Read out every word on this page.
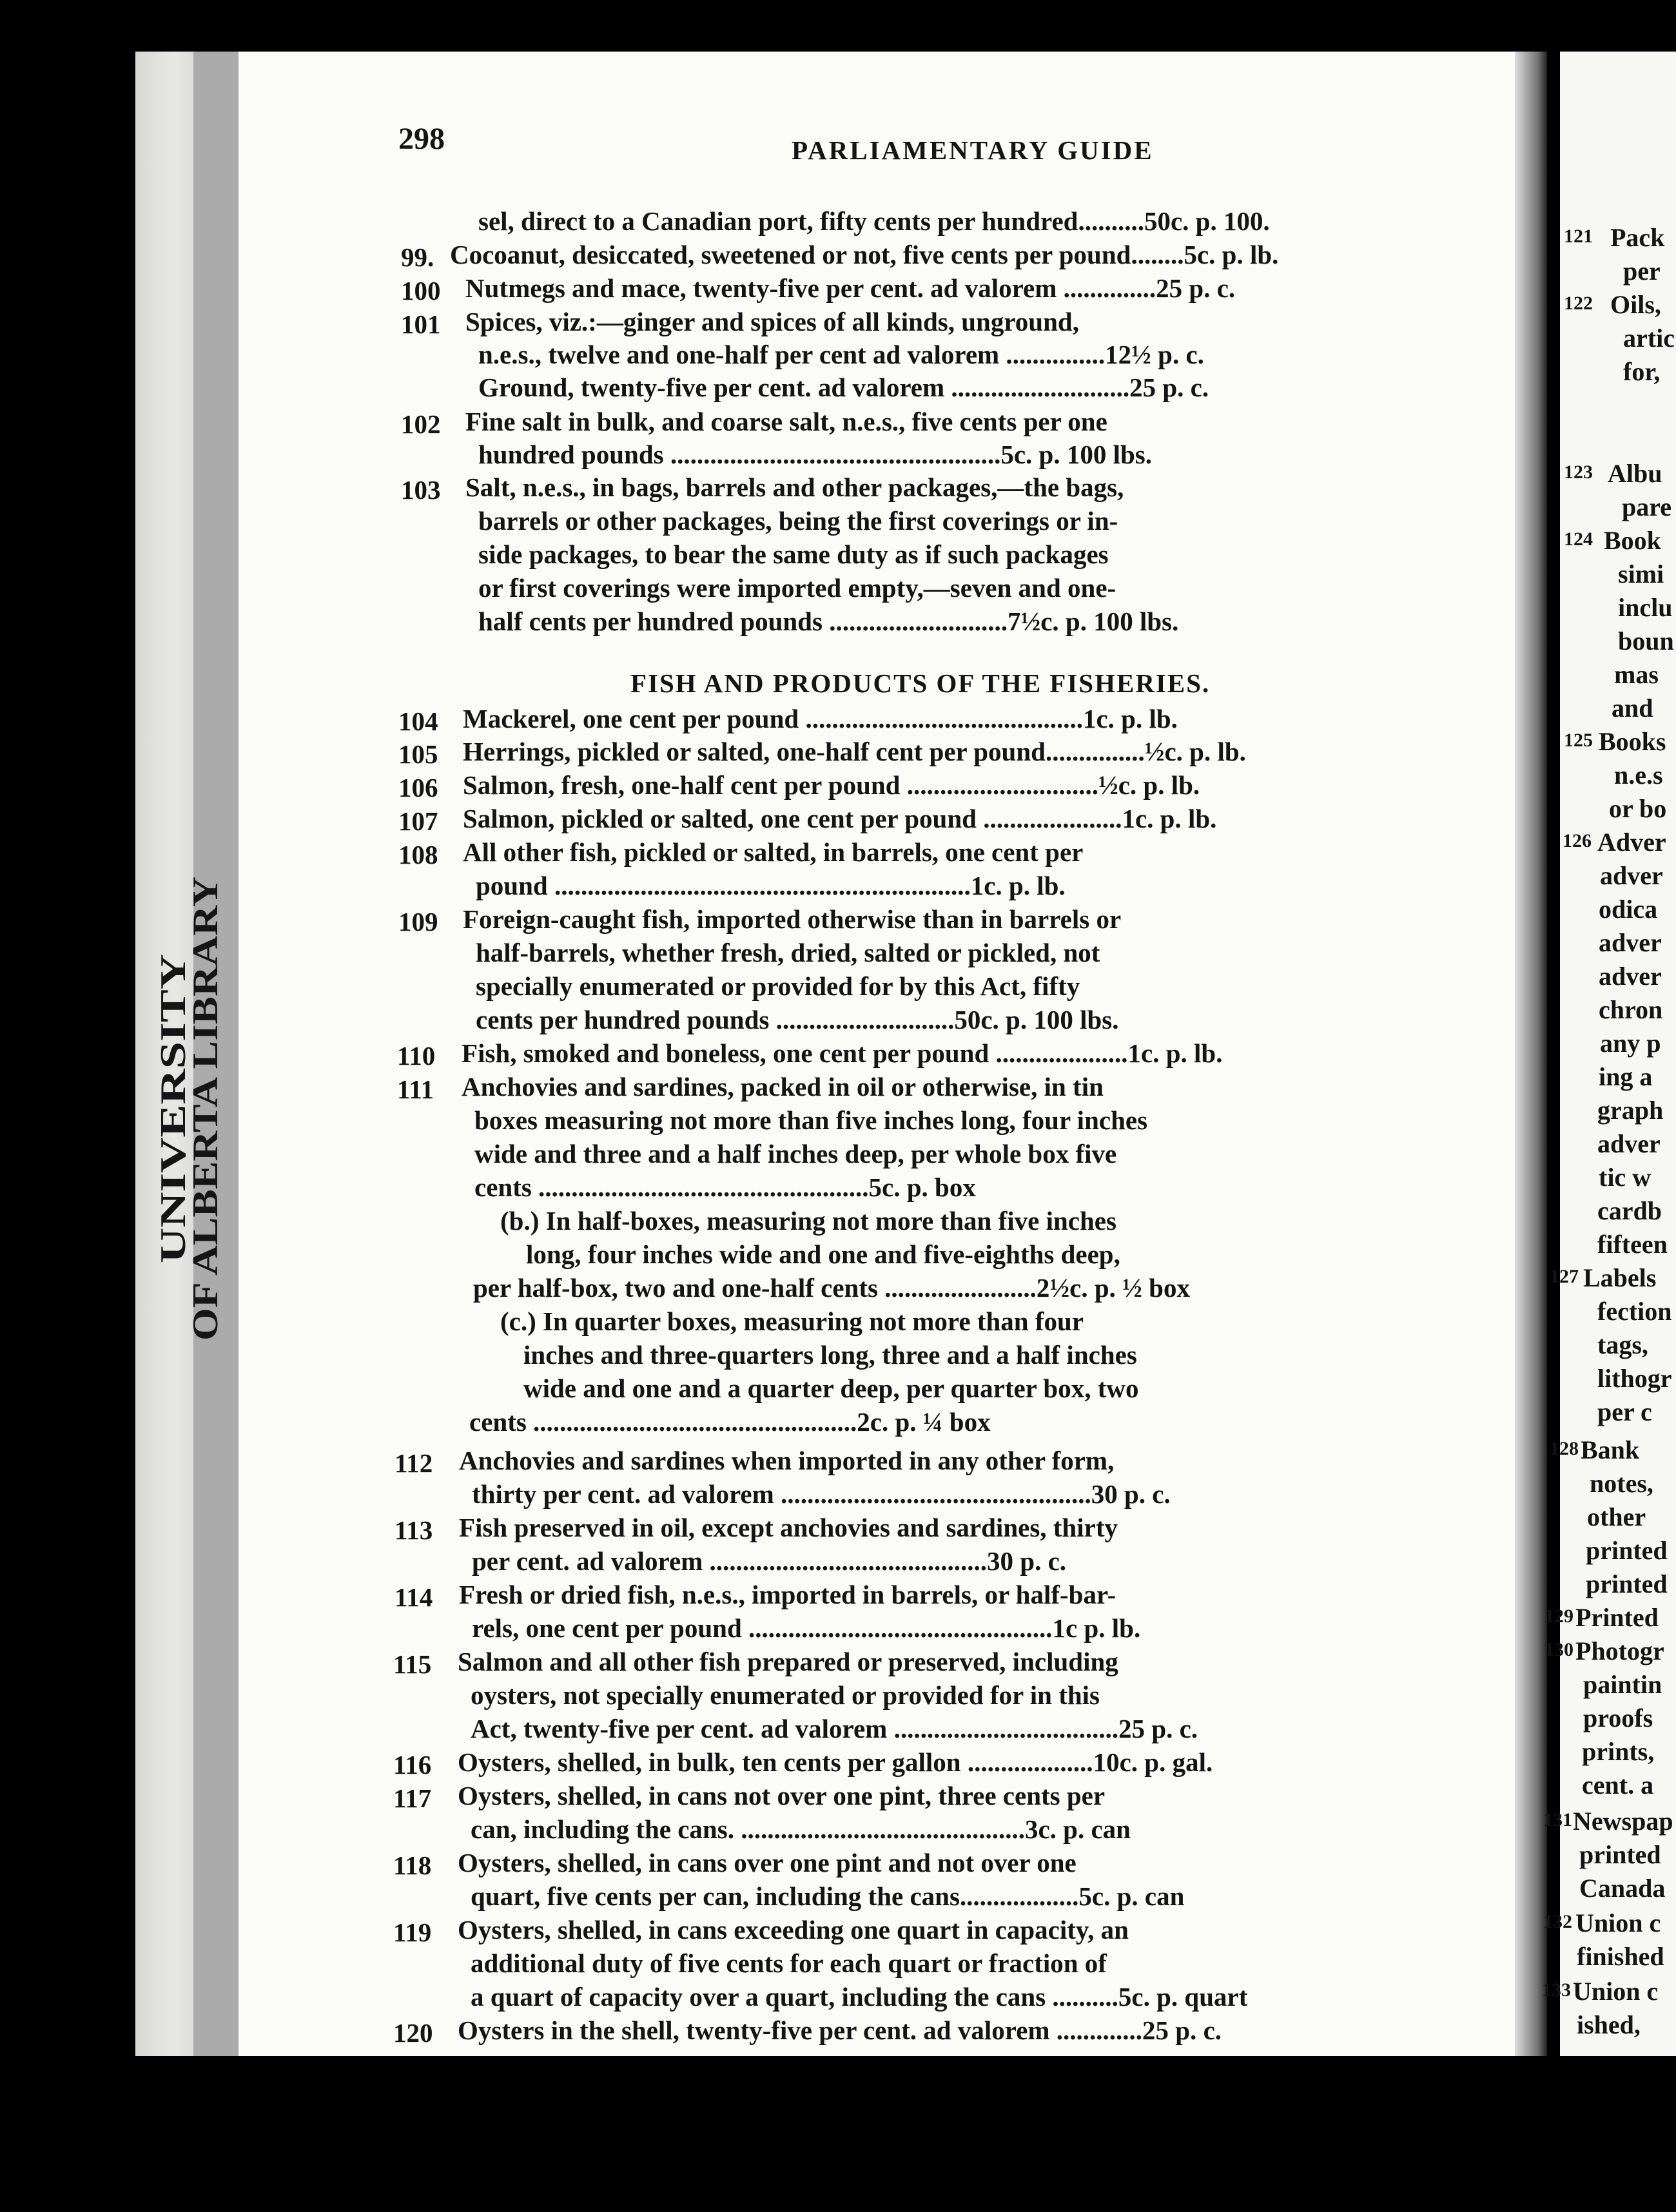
UNIVERSITY
OF ALBERTA LIBRARY
298	PARLIAMENTARY GUIDE
sel, direct to a Canadian port, fifty cents per hundred..........50c. p. 100.
Cocoanut, desiccated, sweetened or not, five cents per pound........5c. p. lb.
Nutmegs and mace, twenty-five per cent. ad valorem ..............25 p. c.
Spices, viz.:—ginger and spices of all kinds, unground,
n.e.s., twelve and one-half per cent ad valorem ...............12½ p. c.
Ground, twenty-five per cent. ad valorem ...........................25 p. c.
Fine salt in bulk, and coarse salt, n.e.s., five cents per one
hundred pounds ..................................................5c. p. 100 lbs.
Salt, n.e.s., in bags, barrels and other packages,—the bags,
barrels or other packages, being the first coverings or in-
side packages, to bear the same duty as if such packages
or first coverings were imported empty,—seven and one-
half cents per hundred pounds ...........................7½c. p. 100 lbs.
FISH AND PRODUCTS OF THE FISHERIES.
Mackerel, one cent per pound ..........................................1c. p. lb.
Herrings, pickled or salted, one-half cent per pound...............½c. p. lb.
Salmon, fresh, one-half cent per pound .............................½c. p. lb.
Salmon, pickled or salted, one cent per pound .....................1c. p. lb.
All other fish, pickled or salted, in barrels, one cent per
pound ...............................................................1c. p. lb.
Foreign-caught fish, imported otherwise than in barrels or
half-barrels, whether fresh, dried, salted or pickled, not
specially enumerated or provided for by this Act, fifty
cents per hundred pounds ...........................50c. p. 100 lbs.
Fish, smoked and boneless, one cent per pound ....................1c. p. lb.
Anchovies and sardines, packed in oil or otherwise, in tin
boxes measuring not more than five inches long, four inches
wide and three and a half inches deep, per whole box five
cents ..................................................5c. p. box
(b.) In half-boxes, measuring not more than five inches
long, four inches wide and one and five-eighths deep,
per half-box, two and one-half cents .......................2½c. p. ½ box
(c.) In quarter boxes, measuring not more than four
inches and three-quarters long, three and a half inches
wide and one and a quarter deep, per quarter box, two
cents .................................................2c. p. ¼ box
Anchovies and sardines when imported in any other form,
thirty per cent. ad valorem ...............................................30 p. c.
Fish preserved in oil, except anchovies and sardines, thirty
per cent. ad valorem ..........................................30 p. c.
Fresh or dried fish, n.e.s., imported in barrels, or half-bar-
rels, one cent per pound ..............................................1c p. lb.
Salmon and all other fish prepared or preserved, including
oysters, not specially enumerated or provided for in this
Act, twenty-five per cent. ad valorem ..................................25 p. c.
Oysters, shelled, in bulk, ten cents per gallon ...................10c. p. gal.
Oysters, shelled, in cans not over one pint, three cents per
can, including the cans. ...........................................3c. p. can
Oysters, shelled, in cans over one pint and not over one
quart, five cents per can, including the cans..................5c. p. can
Oysters, shelled, in cans exceeding one quart in capacity, an
additional duty of five cents for each quart or fraction of
a quart of capacity over a quart, including the cans ..........5c. p. quart
Oysters in the shell, twenty-five per cent. ad valorem .............25 p. c.
99.
100
101
102
103
104
105
106
107
108
109
110
111
112
113
114
115
116
117
118
119
120
Pack
per
Oils,
artic
for,
Albu
pare
Book
simi
inclu
boun
mas
and
Books
n.e.s
or bo
Adver
adver
odica
adver
adver
chron
any p
ing a
graph
adver
tic w
cardb
fifteen
Labels
fection
tags,
lithogr
per c
Bank
notes,
other
printed
printed
Printed
Photogr
paintin
proofs
prints,
cent. a
Newspap
printed
Canada
Union c
finished
Union c
ished,
121
122
123
124
125
126
127
128
129
130
131
132
133
